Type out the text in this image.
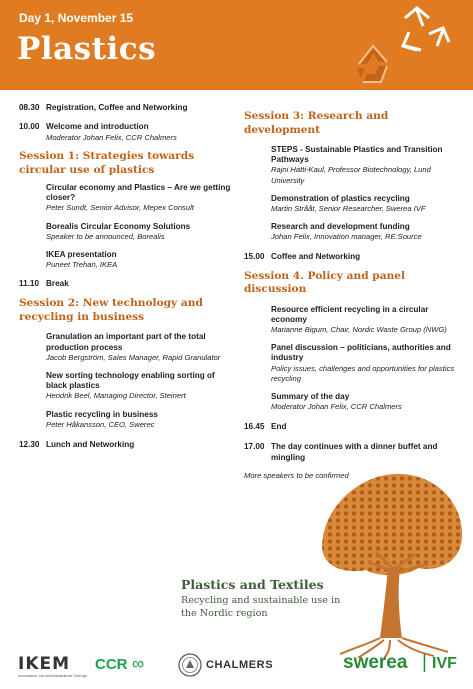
Day 1, November 15
Plastics
08.30 Registration, Coffee and Networking
10.00 Welcome and introduction
Moderator Johan Felix, CCR Chalmers
Session 1: Strategies towards circular use of plastics
Circular economy and Plastics – Are we getting closer?
Peter Sundt, Senior Advisor, Mepex Consult
Borealis Circular Economy Solutions
Speaker to be announced, Borealis
IKEA presentation
Puneet Trehan, IKEA
11.10 Break
Session 2: New technology and recycling in business
Granulation an important part of the total production process
Jacob Bergström, Sales Manager, Rapid Granulator
New sorting technology enabling sorting of black plastics
Hendrik Beel, Managing Director, Steinert
Plastic recycling in business
Peter Håkansson, CEO, Swerec
12.30 Lunch and Networking
Session 3: Research and development
STEPS - Sustainable Plastics and Transition Pathways
Rajni Hatti-Kaul, Professor Biotechnology, Lund University
Demonstration of plastics recycling
Martin Strååt, Senior Researcher, Swerea IVF
Research and development funding
Johan Felix, Innovation manager, RE:Source
15.00 Coffee and Networking
Session 4. Policy and panel discussion
Resource efficient recycling in a circular economy
Marianne Bigum, Chair, Nordic Waste Group (NWG)
Panel discussion – politicians, authorities and industry
Policy issues, challenges and opportunities for plastics recycling
Summary of the day
Moderator Johan Felix, CCR Chalmers
16.45 End
17.00 The day continues with a dinner buffet and mingling
More speakers to be confirmed
Plastics and Textiles
Recycling and sustainable use in the Nordic region
IKEM
Innovations- och kemiindustrierna i Sverige
CCR ∞	CHALMERS	swerea | IVF
